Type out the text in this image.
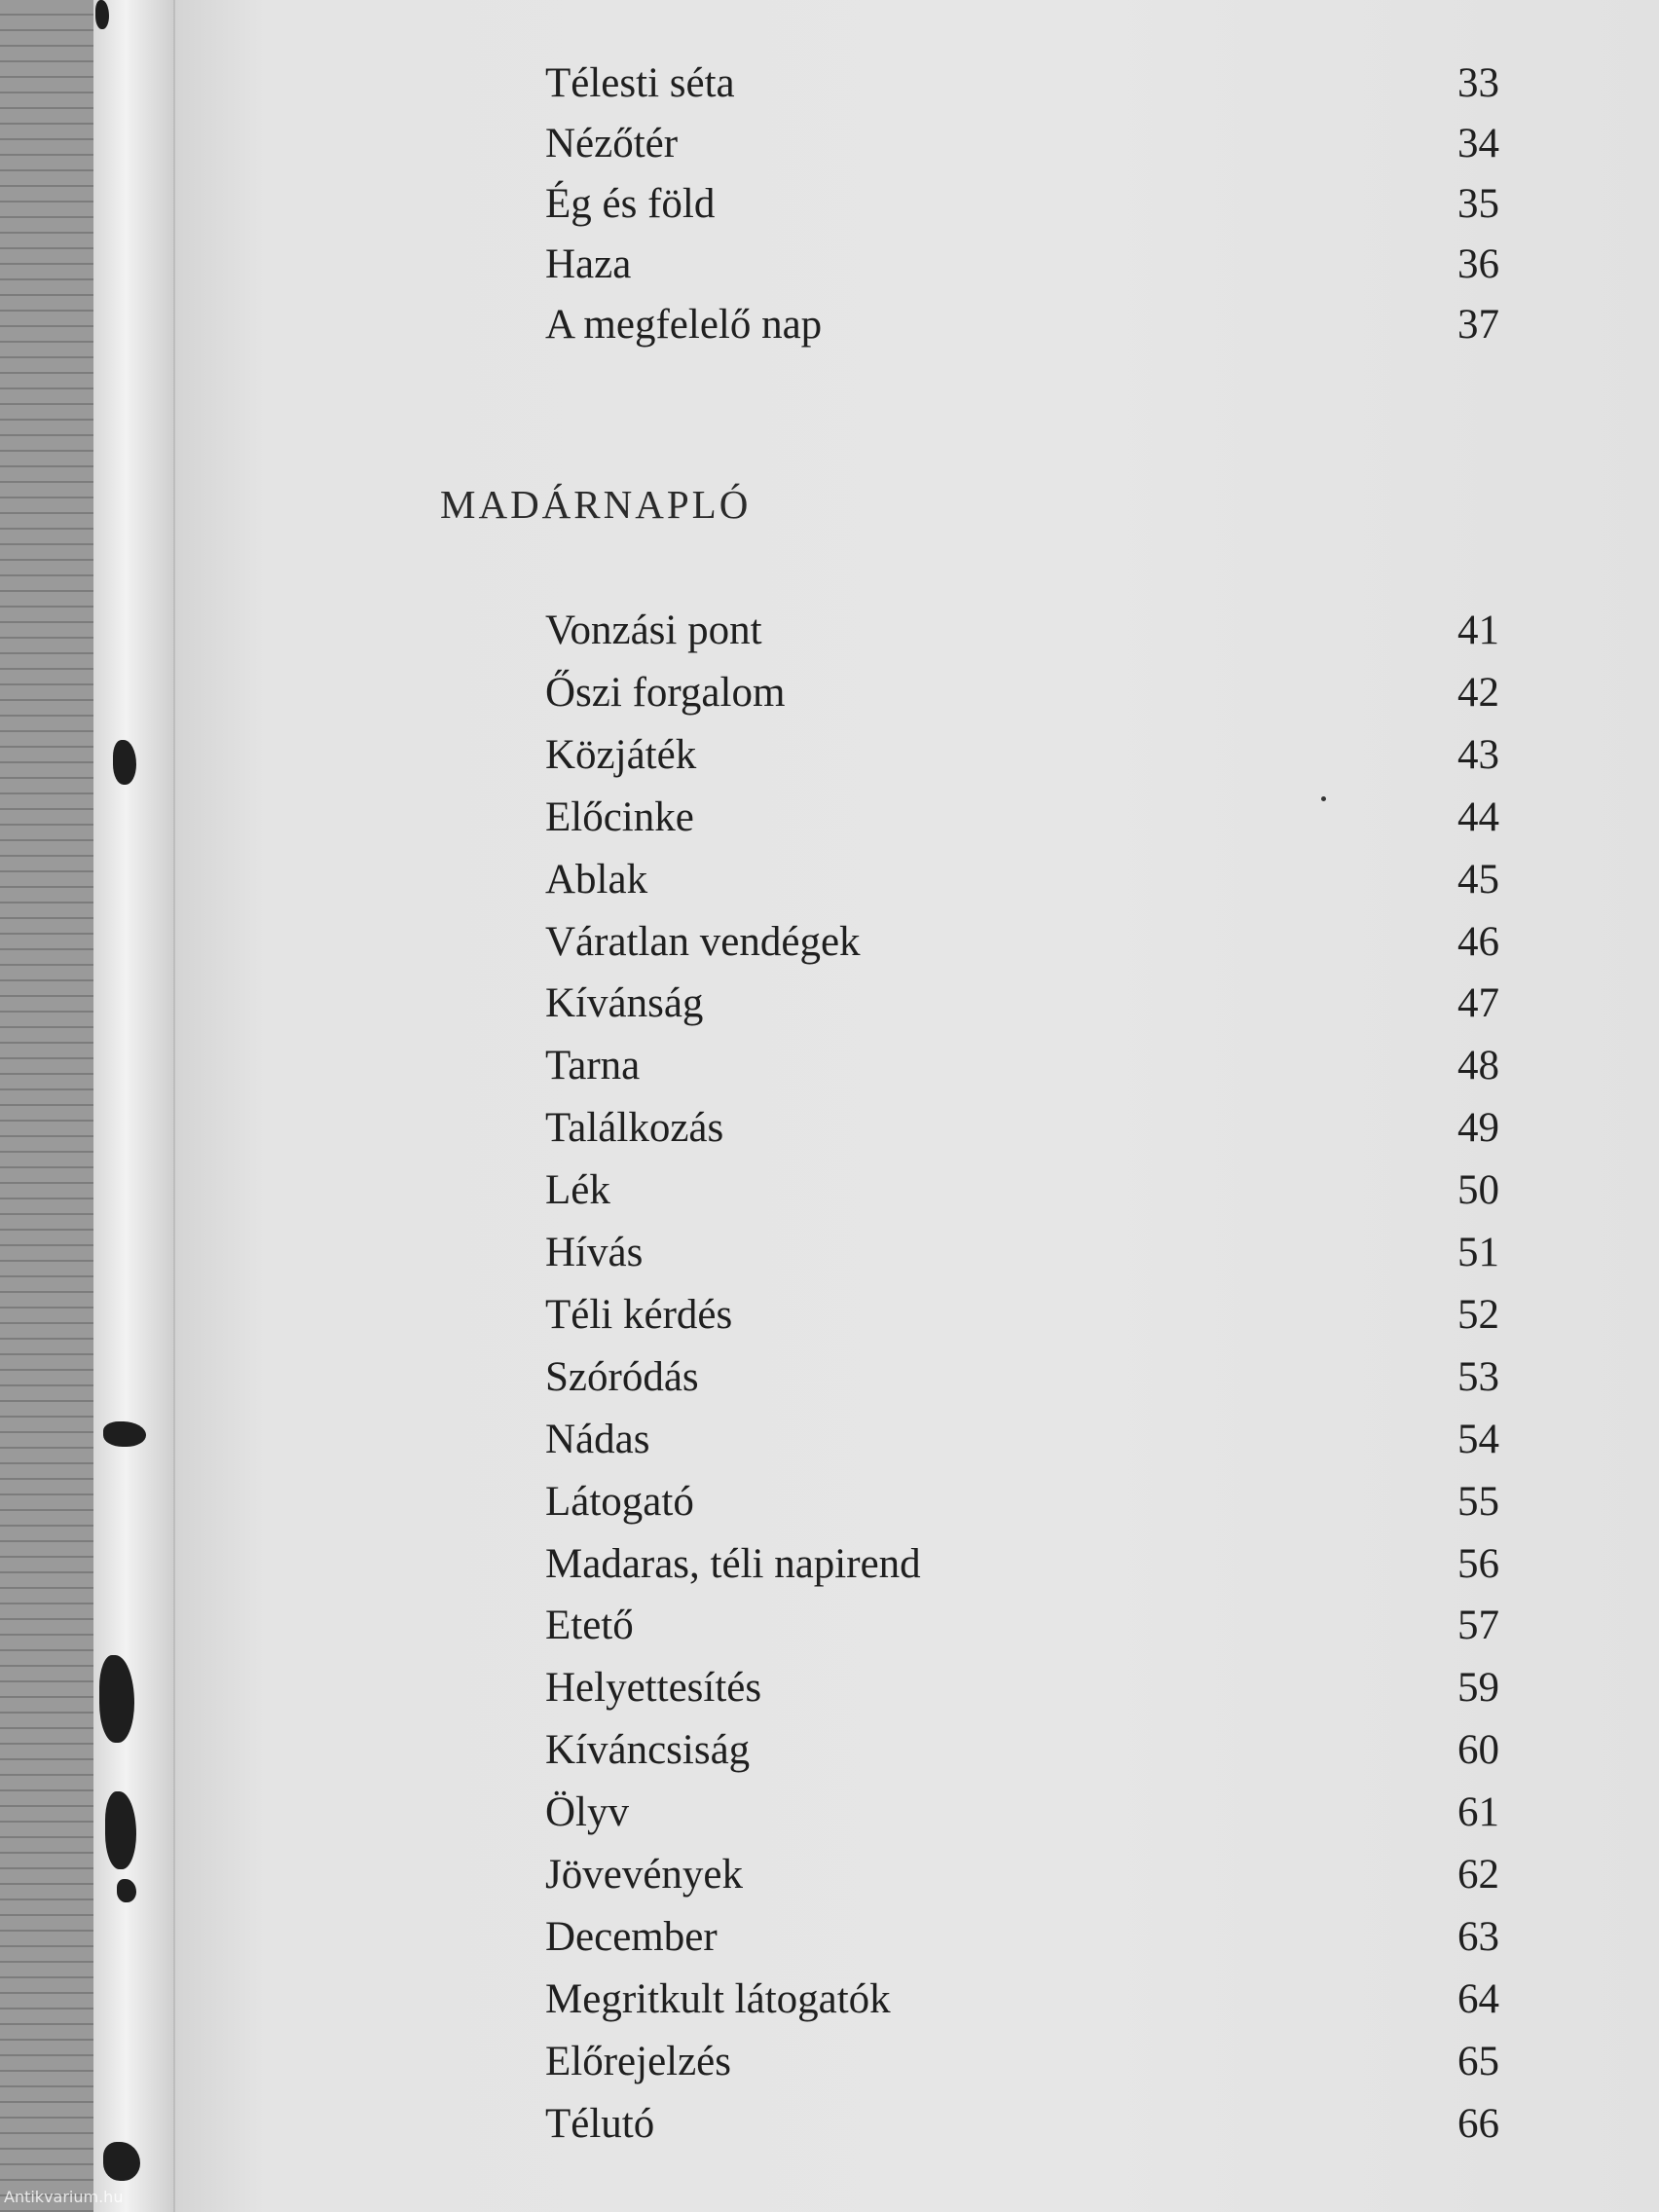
Télesti séta	33
Nézőtér	34
Ég és föld	35
Haza	36
A megfelelő nap	37
MADÁRNAPLÓ
Vonzási pont	41
Őszi forgalom	42
Közjáték	43
Előcinke	44
Ablak	45
Váratlan vendégek	46
Kívánság	47
Tarna	48
Találkozás	49
Lék	50
Hívás	51
Téli kérdés	52
Szóródás	53
Nádas	54
Látogató	55
Madaras, téli napirend	56
Etető	57
Helyettesítés	59
Kíváncsiság	60
Ölyv	61
Jövevények	62
December	63
Megritkult látogatók	64
Előrejelzés	65
Télutó	66
Antikvarium.hu
